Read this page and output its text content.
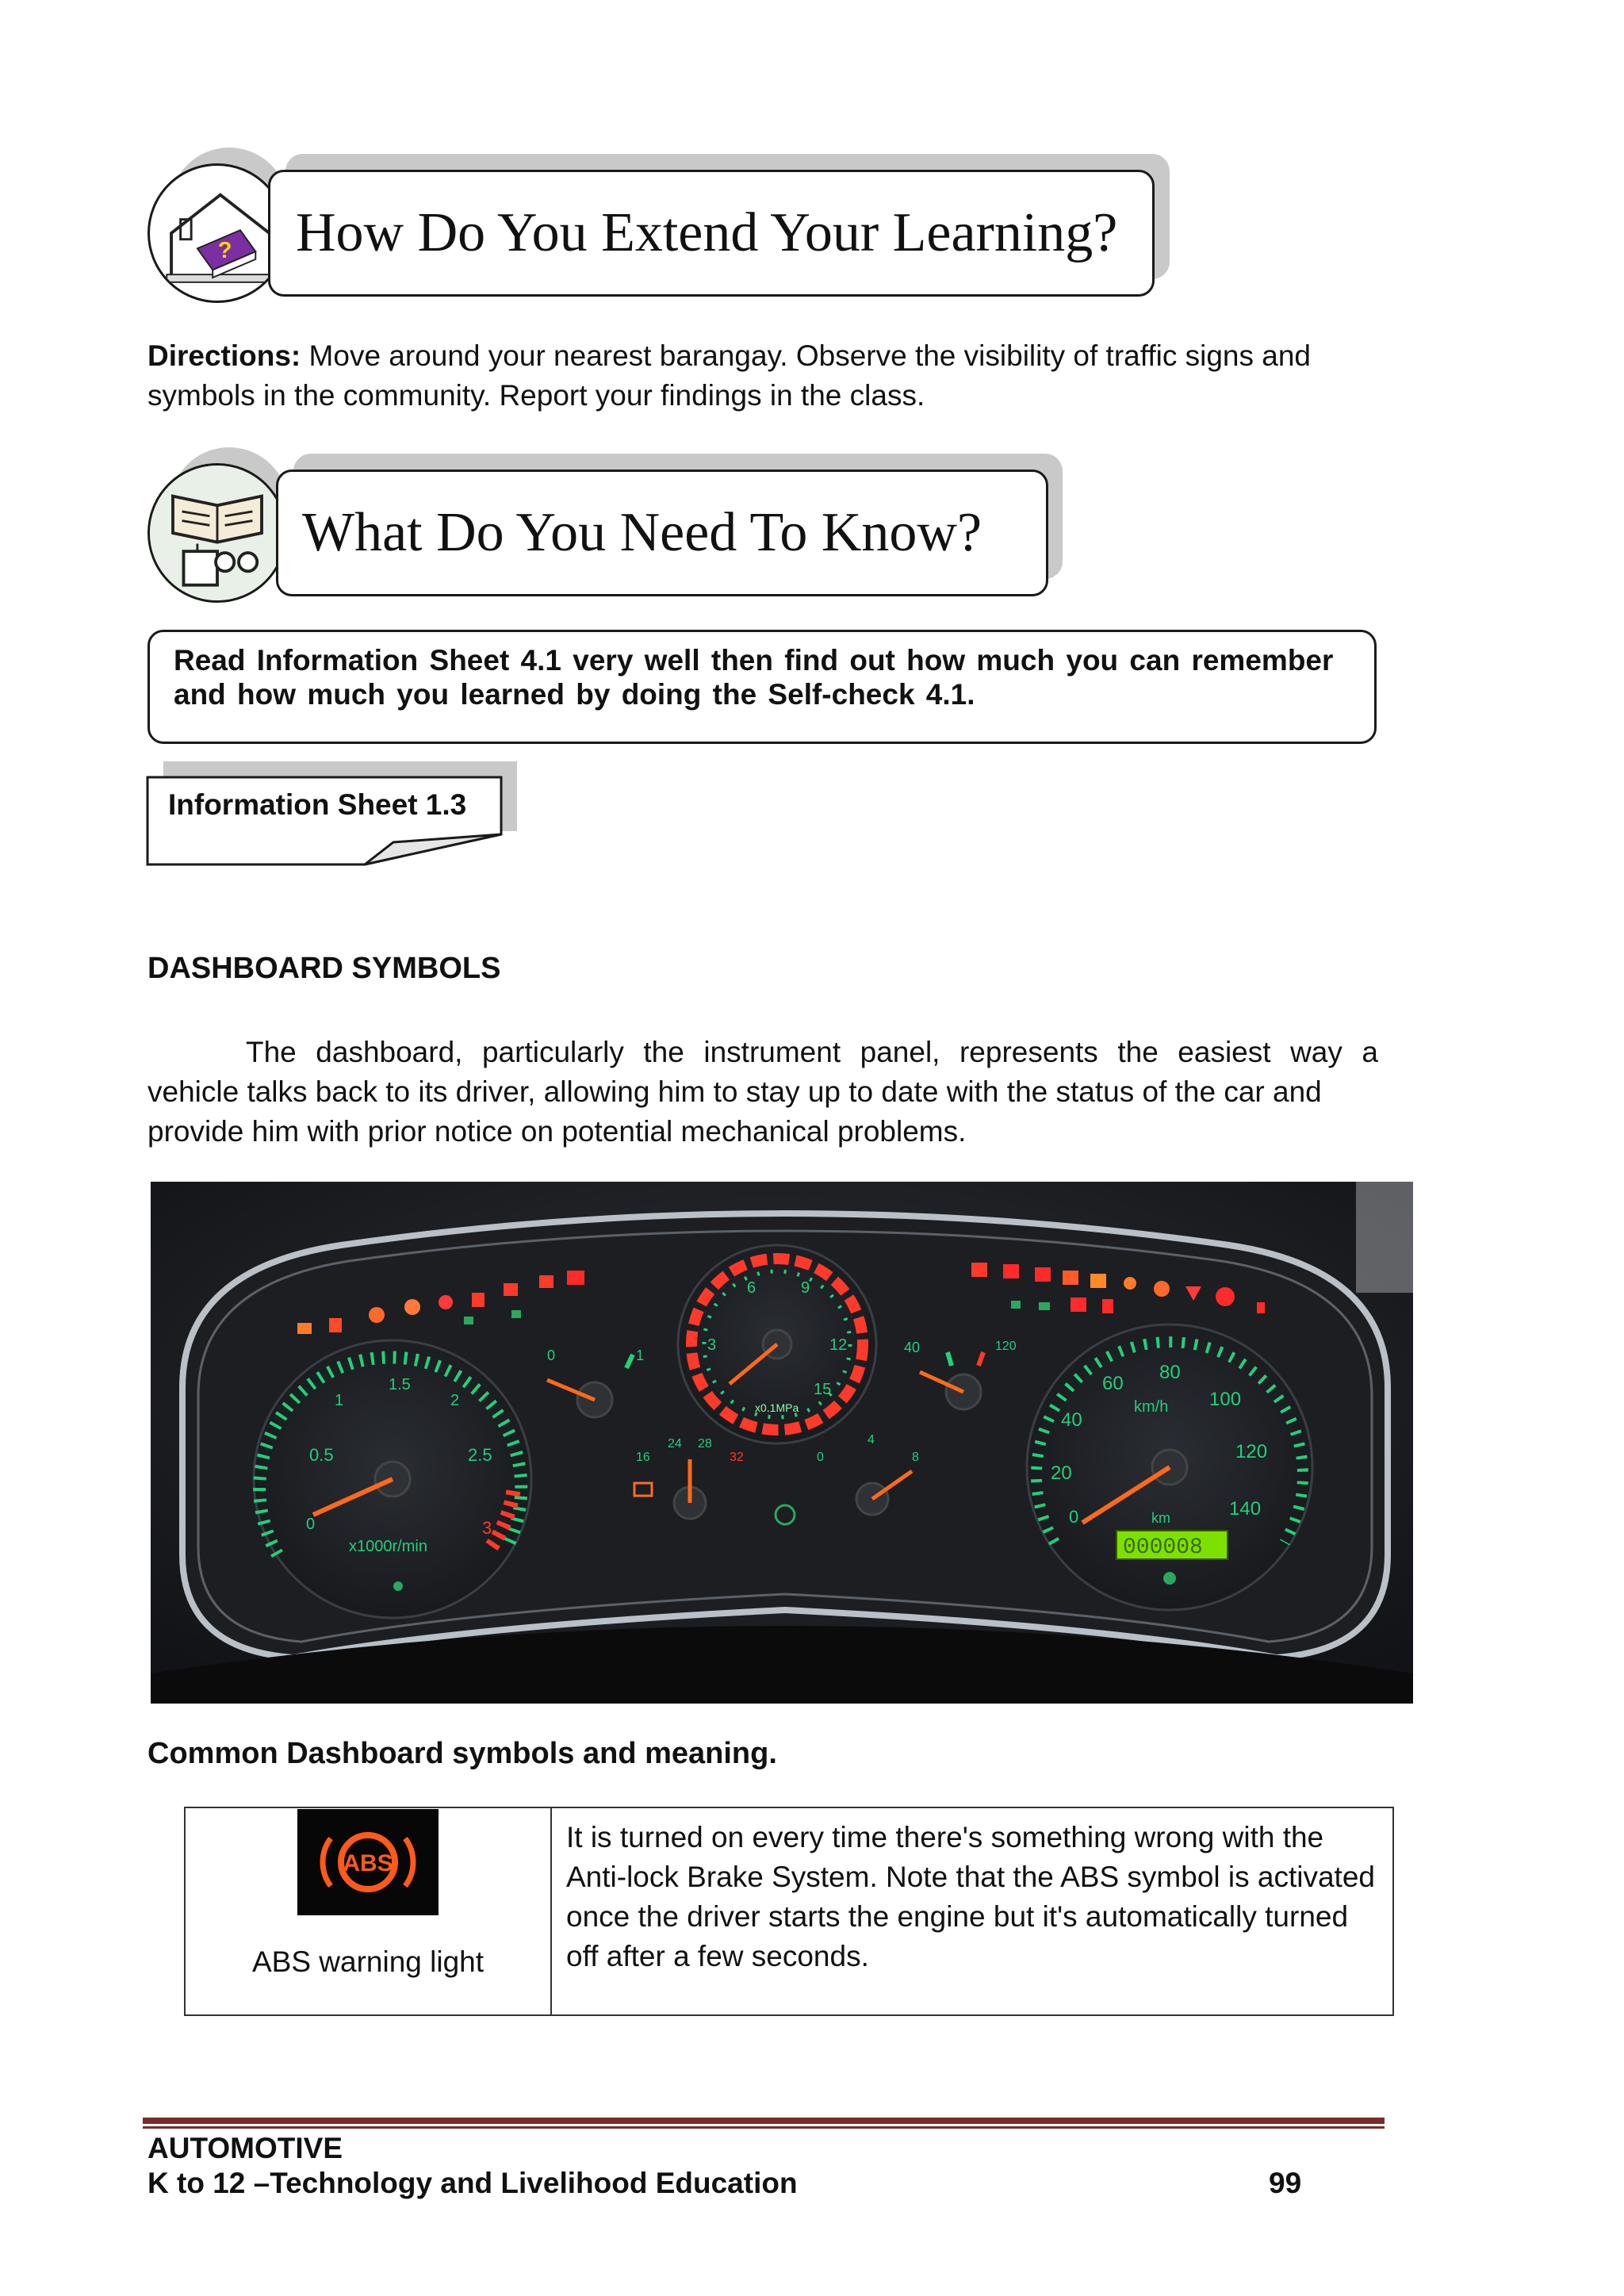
? How Do You Extend Your Learning?
Directions: Move around your nearest barangay. Observe the visibility of traffic signs and symbols in the community. Report your findings in the class.
What Do You Need To Know?
Read Information Sheet 4.1 very well then find out how much you can remember
and how much you learned by doing the Self-check 4.1.
Information Sheet 1.3
DASHBOARD SYMBOLS
The dashboard, particularly the instrument panel, represents the easiest way a
vehicle talks back to its driver, allowing him to stay up to date with the status of the car and
provide him with prior notice on potential mechanical problems.
0.5
1
1.5
2
2.5
3
0
x1000r/min
3
6	9
12
15
x0.1MPa
0	1	40	120
16
24 28
32	0
4
8
0
20
40
60
80
100
120
140
km/h
km
000008
Common Dashboard symbols and meaning.
ABS
ABS warning light

It is turned on every time there's something wrong with the Anti-lock Brake System. Note that the ABS symbol is activated once the driver starts the engine but it's automatically turned off after a few seconds.
AUTOMOTIVE
K to 12 –Technology and Livelihood Education	99
